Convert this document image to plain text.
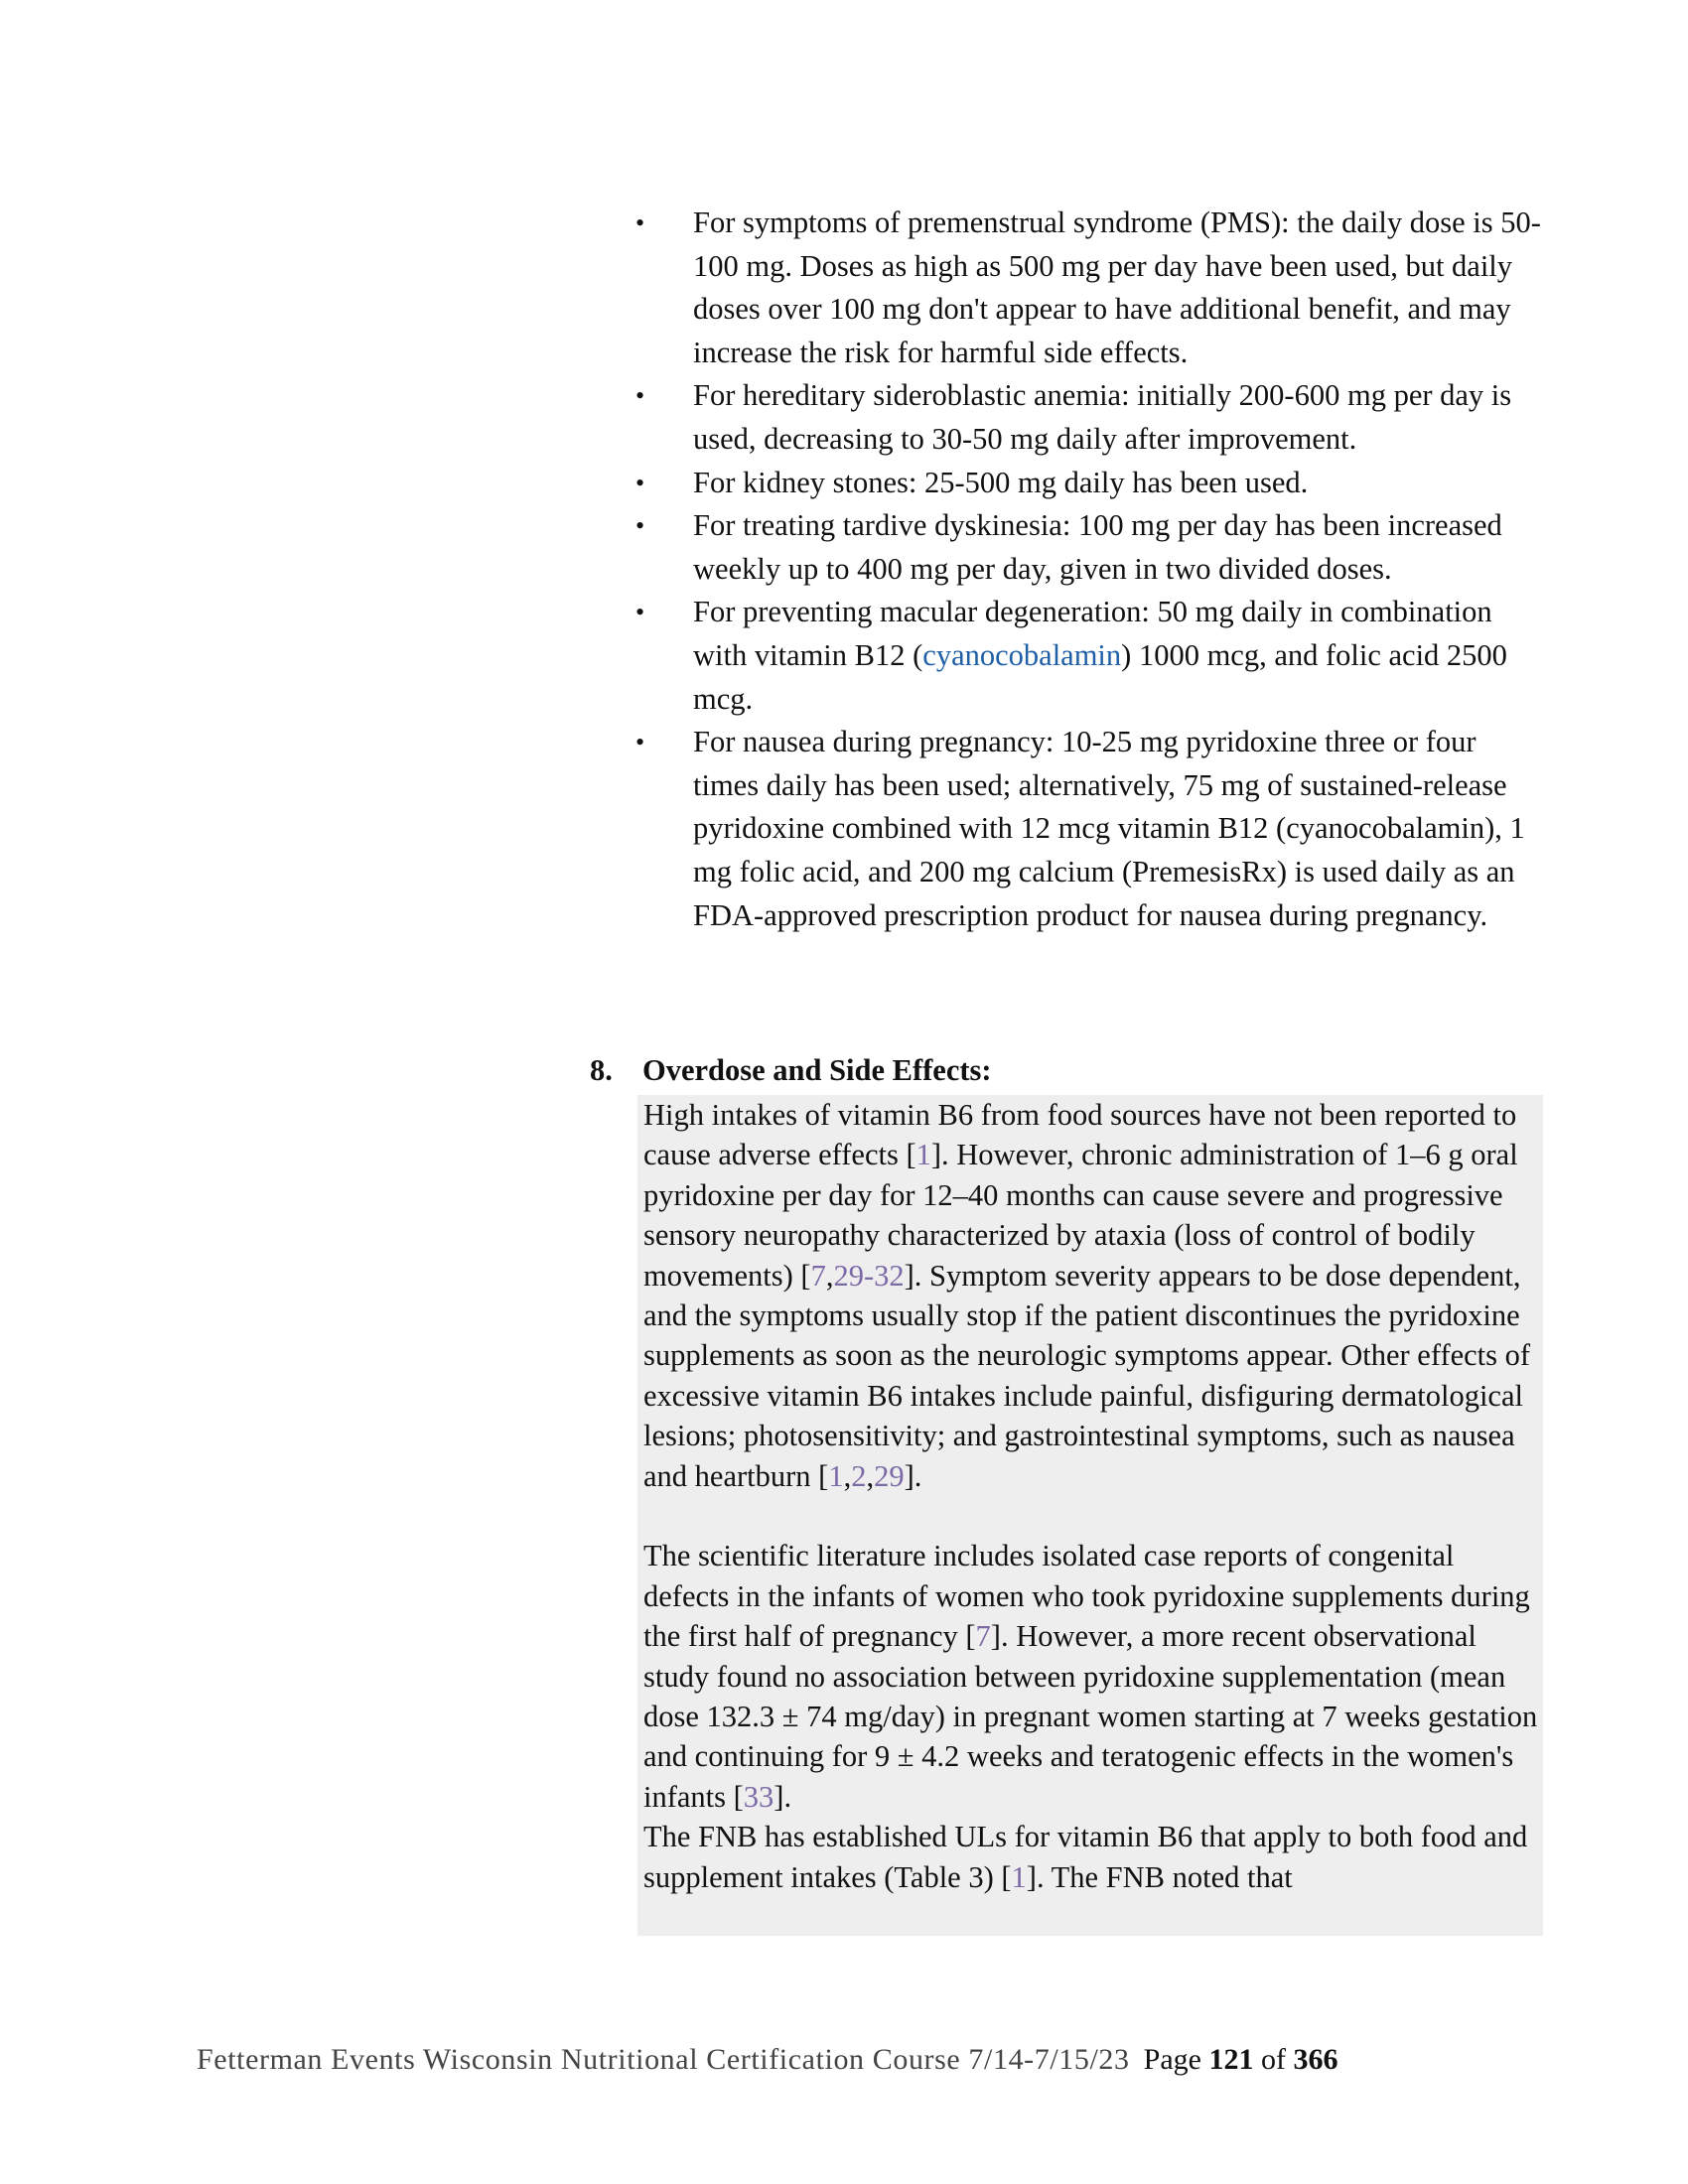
• For symptoms of premenstrual syndrome (PMS): the daily dose is 50-100 mg. Doses as high as 500 mg per day have been used, but daily doses over 100 mg don't appear to have additional benefit, and may increase the risk for harmful side effects.
• For hereditary sideroblastic anemia: initially 200-600 mg per day is used, decreasing to 30-50 mg daily after improvement.
• For kidney stones: 25-500 mg daily has been used.
• For treating tardive dyskinesia: 100 mg per day has been increased weekly up to 400 mg per day, given in two divided doses.
• For preventing macular degeneration: 50 mg daily in combination with vitamin B12 (cyanocobalamin) 1000 mcg, and folic acid 2500 mcg.
• For nausea during pregnancy: 10-25 mg pyridoxine three or four times daily has been used; alternatively, 75 mg of sustained-release pyridoxine combined with 12 mcg vitamin B12 (cyanocobalamin), 1 mg folic acid, and 200 mg calcium (PremesisRx) is used daily as an FDA-approved prescription product for nausea during pregnancy.
8. Overdose and Side Effects:

High intakes of vitamin B6 from food sources have not been reported to cause adverse effects [1]. However, chronic administration of 1–6 g oral pyridoxine per day for 12–40 months can cause severe and progressive sensory neuropathy characterized by ataxia (loss of control of bodily movements) [7,29-32]. Symptom severity appears to be dose dependent, and the symptoms usually stop if the patient discontinues the pyridoxine supplements as soon as the neurologic symptoms appear. Other effects of excessive vitamin B6 intakes include painful, disfiguring dermatological lesions; photosensitivity; and gastrointestinal symptoms, such as nausea and heartburn [1,2,29].

The scientific literature includes isolated case reports of congenital defects in the infants of women who took pyridoxine supplements during the first half of pregnancy [7]. However, a more recent observational study found no association between pyridoxine supplementation (mean dose 132.3 ± 74 mg/day) in pregnant women starting at 7 weeks gestation and continuing for 9 ± 4.2 weeks and teratogenic effects in the women's infants [33].

The FNB has established ULs for vitamin B6 that apply to both food and supplement intakes (Table 3) [1]. The FNB noted that

Fetterman Events Wisconsin Nutritional Certification Course 7/14-7/15/23 Page 121 of 366
